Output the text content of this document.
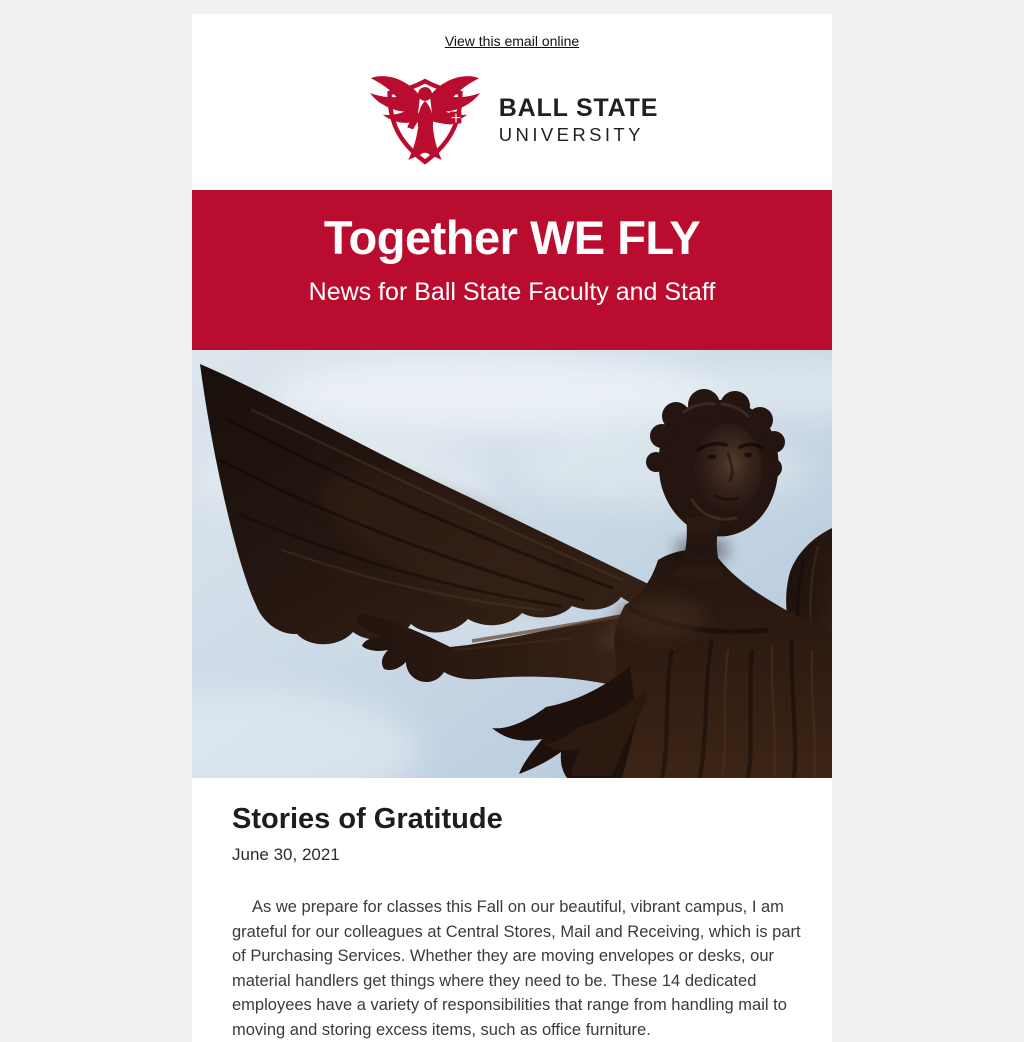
View this email online
BALL STATE
UNIVERSITY
Together WE FLY

News for Ball State Faculty and Staff

Stories of Gratitude

June 30, 2021

As we prepare for classes this Fall on our beautiful, vibrant campus, I am grateful for our colleagues at Central Stores, Mail and Receiving, which is part of Purchasing Services. Whether they are moving envelopes or desks, our material handlers get things where they need to be. These 14 dedicated employees have a variety of responsibilities that range from handling mail to moving and storing excess items, such as office furniture.
